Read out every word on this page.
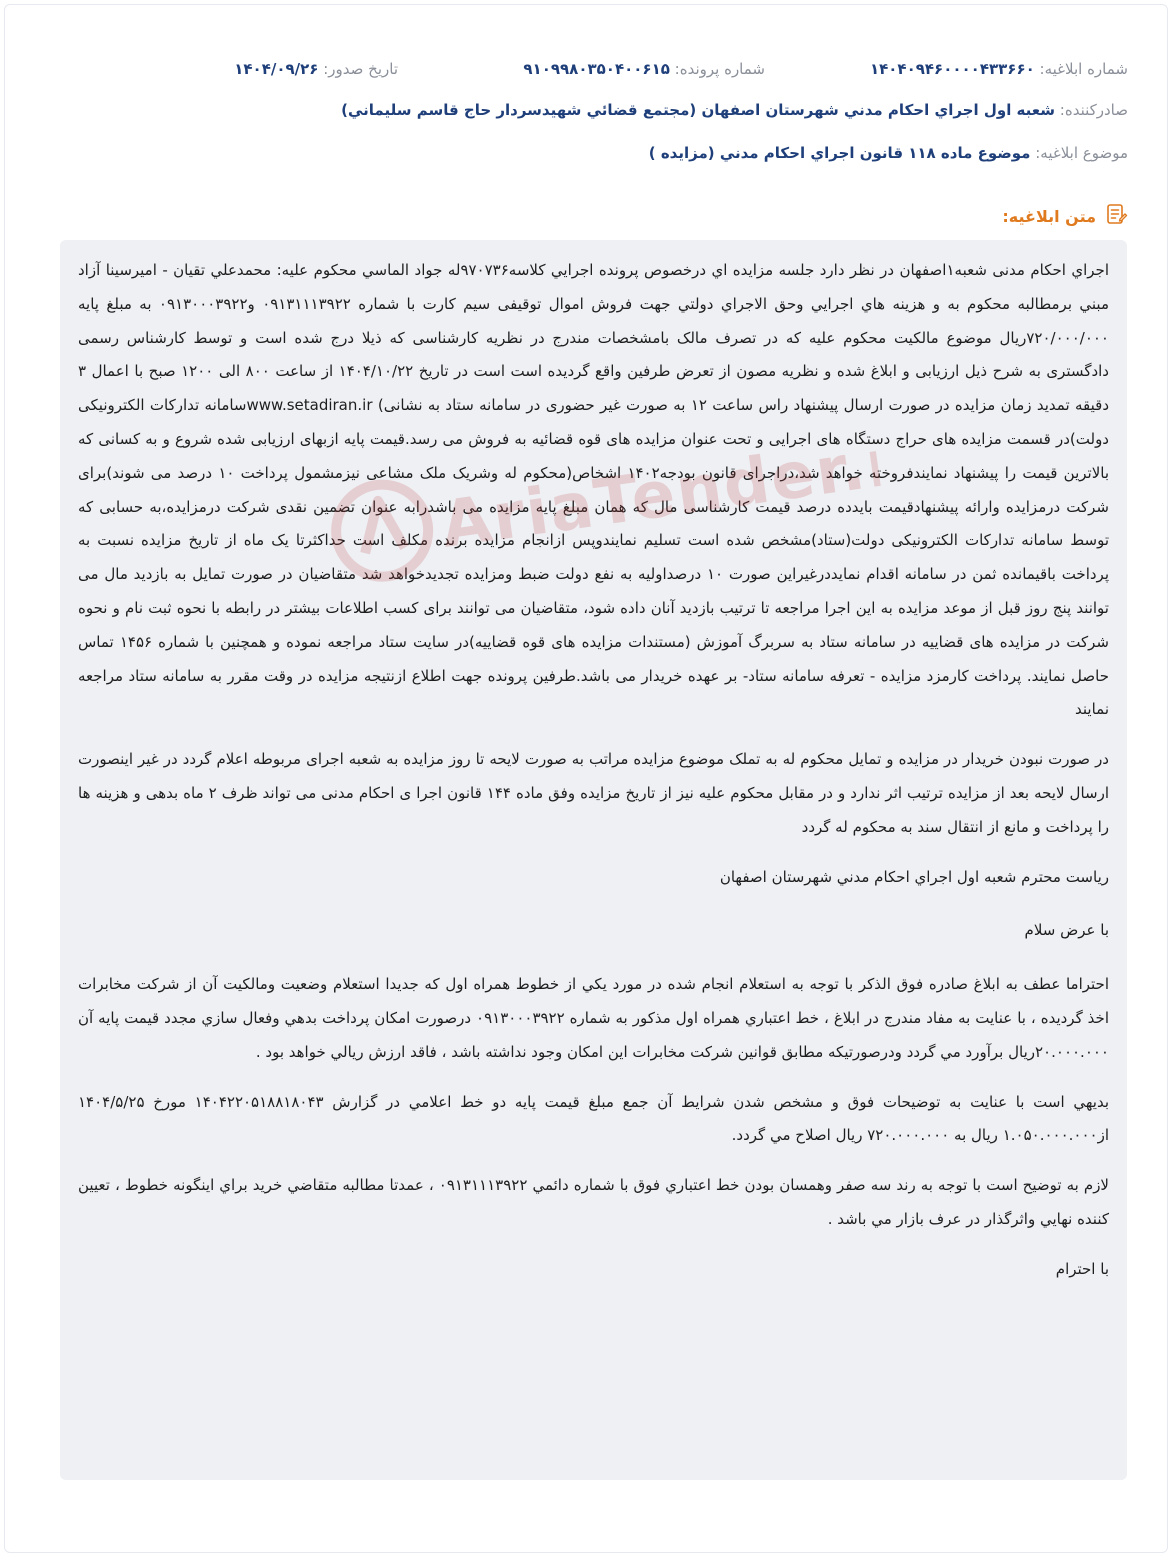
شماره ابلاغيه: ۱۴۰۴۰۹۴۶۰۰۰۰۴۳۳۶۶۰
شماره پرونده: ۹۱۰۹۹۸۰۳۵۰۴۰۰۶۱۵
تاريخ صدور: ۱۴۰۴/۰۹/۲۶
صادرکننده: شعبه اول اجراي احكام مدني شهرستان اصفهان (مجتمع قضائي شهيدسردار حاج قاسم سليماني)
موضوع ابلاغيه: موضوع ماده ۱۱۸ قانون اجراي احكام مدني (مزايده )
متن ابلاغيه:

اجراي احکام مدنی شعبه۱اصفهان در نظر دارد جلسه مزايده اي درخصوص پرونده اجرايي کلاسه۹۷۰۷۳۶له جواد الماسي محکوم عليه: محمدعلي تقيان - اميرسينا آزاد مبني برمطالبه محکوم به و هزينه هاي اجرايي وحق الاجراي دولتي جهت فروش اموال توقيفی سيم کارت با شماره ۰۹۱۳۱۱۱۳۹۲۲ و۰۹۱۳۰۰۰۳۹۲۲ به مبلغ پايه ۷۲۰/۰۰۰/۰۰۰ريال موضوع مالکيت محکوم عليه که در تصرف مالک بامشخصات مندرج در نظريه کارشناسی که ذيلا درج شده است و توسط کارشناس رسمی دادگستری به شرح ذيل ارزيابی و ابلاغ شده و نظريه مصون از تعرض طرفين واقع گرديده است است در تاريخ ۱۴۰۴/۱۰/۲۲ از ساعت ۸۰۰ الی ۱۲۰۰ صبح با اعمال ۳ دقيقه تمديد زمان مزايده در صورت ارسال پيشنهاد راس ساعت ۱۲ به صورت غير حضوری در سامانه ستاد به نشانی) www.setadiran.irسامانه تدارکات الکترونيکی دولت)در قسمت مزايده های حراج دستگاه های اجرايی و تحت عنوان مزايده های قوه قضائيه به فروش می رسد.قيمت پايه ازبهای ارزيابی شده شروع و به کسانی که بالاترين قيمت را پيشنهاد نمايندفروخته خواهد شد،دراجرای قانون بودجه۱۴۰۲ اشخاص(محکوم له وشريک ملک مشاعی نيزمشمول پرداخت ۱۰ درصد می شوند)برای شرکت درمزايده وارائه پيشنهادقيمت بايدده درصد قيمت کارشناسی مال که همان مبلغ پايه مزايده می باشدرابه عنوان تضمين نقدی شرکت درمزايده،به حسابی که توسط سامانه تدارکات الکترونيکی دولت(ستاد)مشخص شده است تسليم نمايندوپس ازانجام مزايده برنده مکلف است حداکثرتا يک ماه از تاريخ مزايده نسبت به پرداخت باقيمانده ثمن در سامانه اقدام نمايددرغيراين صورت ۱۰ درصداوليه به نفع دولت ضبط ومزايده تجديدخواهد شد متقاضيان در صورت تمايل به بازديد مال می توانند پنج روز قبل از موعد مزايده به اين اجرا مراجعه تا ترتيب بازديد آنان داده شود، متقاضيان می توانند برای کسب اطلاعات بيشتر در رابطه با نحوه ثبت نام و نحوه شرکت در مزايده های قضاييه در سامانه ستاد به سربرگ آموزش (مستندات مزايده های قوه قضاييه)در سايت ستاد مراجعه نموده و همچنين با شماره ۱۴۵۶ تماس حاصل نمايند. پرداخت کارمزد مزايده - تعرفه سامانه ستاد- بر عهده خريدار می باشد.طرفين پرونده جهت اطلاع ازنتيجه مزايده در وقت مقرر به سامانه ستاد مراجعه نمايند

در صورت نبودن خريدار در مزايده و تمايل محکوم له به تملک موضوع مزايده مراتب به صورت لايحه تا روز مزايده به شعبه اجرای مربوطه اعلام گردد در غير اينصورت ارسال لايحه بعد از مزايده ترتيب اثر ندارد و در مقابل محکوم عليه نيز از تاريخ مزايده وفق ماده ۱۴۴ قانون اجرا ی احکام مدنی می تواند ظرف ۲ ماه بدهی و هزينه ها را پرداخت و مانع از انتقال سند به محکوم له گردد

رياست محترم شعبه اول اجراي احكام مدني شهرستان اصفهان

با عرض سلام

احتراما عطف به ابلاغ صادره فوق الذكر با توجه به استعلام انجام شده در مورد يكي از خطوط همراه اول كه جديدا استعلام وضعيت ومالكيت آن از شركت مخابرات اخذ گرديده ، با عنايت به مفاد مندرج در ابلاغ ، خط اعتباري همراه اول مذكور به شماره ۰۹۱۳۰۰۰۳۹۲۲ درصورت امكان پرداخت بدهي وفعال سازي مجدد قيمت پايه آن ۲۰.۰۰۰.۰۰۰ريال برآورد مي گردد ودرصورتيكه مطابق قوانين شركت مخابرات اين امكان وجود نداشته باشد ، فاقد ارزش ريالي خواهد بود .

بديهي است با عنايت به توضيحات فوق و مشخص شدن شرايط آن جمع مبلغ قيمت پايه دو خط اعلامي در گزارش ۱۴۰۴۲۲۰۵۱۸۸۱۸۰۴۳ مورخ ۱۴۰۴/۵/۲۵ از۱.۰۵۰.۰۰۰.۰۰۰ ريال به ۷۲۰.۰۰۰.۰۰۰ ريال اصلاح مي گردد.

لازم به توضيح است با توجه به رند سه صفر وهمسان بودن خط اعتباري فوق با شماره دائمي ۰۹۱۳۱۱۱۳۹۲۲ ، عمدتا مطالبه متقاضي خريد براي اينگونه خطوط ، تعيين كننده نهايي واثرگذار در عرف بازار مي باشد .

با احترام
